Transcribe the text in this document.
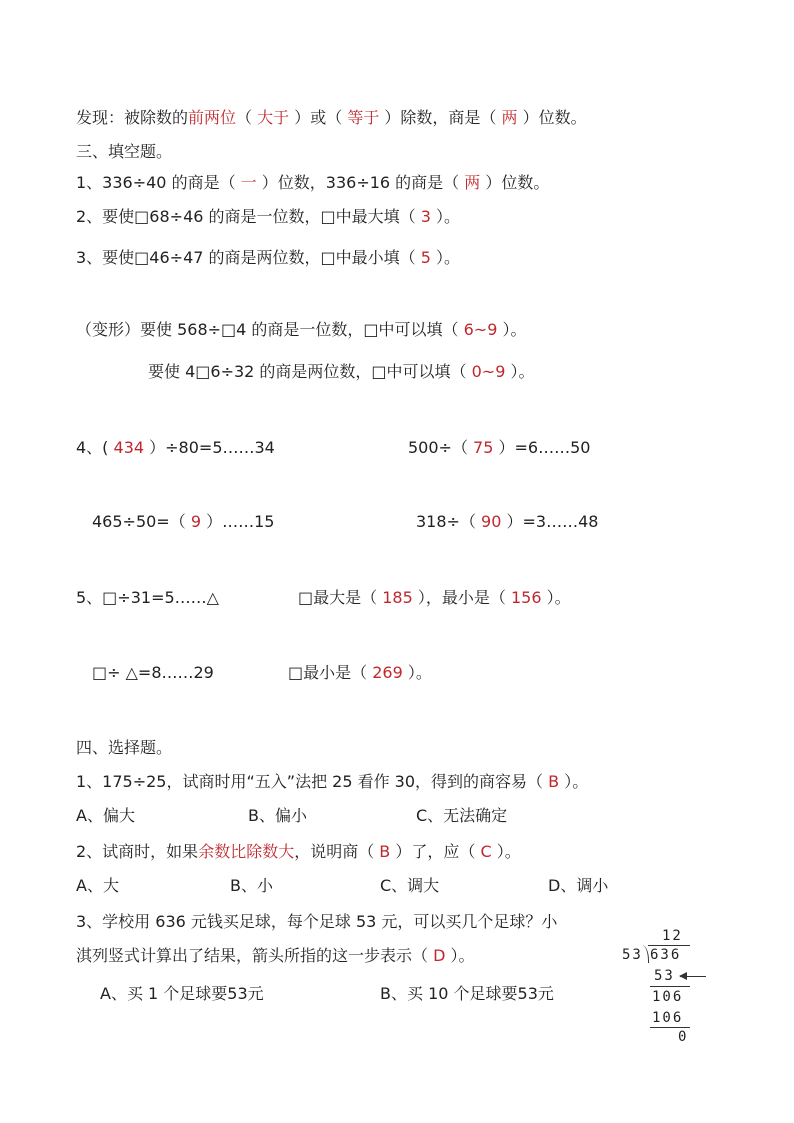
发现：被除数的前两位（ 大于 ）或（ 等于 ）除数，商是（ 两 ）位数。
三、填空题。
1、336÷40 的商是（ 一 ）位数，336÷16 的商是（ 两 ）位数。
2、要使□68÷46 的商是一位数，□中最大填（ 3 ）。
3、要使□46÷47 的商是两位数，□中最小填（ 5 ）。
（变形）要使 568÷□4 的商是一位数，□中可以填（ 6~9 ）。
要使 4□6÷32 的商是两位数，□中可以填（ 0~9 ）。
4、( 434 ）÷80=5……34	500÷（ 75 ）=6……50
465÷50=（ 9 ）……15	318÷（ 90 ）=3……48
5、□÷31=5……△	□最大是（ 185 ），最小是（ 156 ）。
□÷ △=8……29	□最小是（ 269 ）。
四、选择题。
1、175÷25，试商时用“五入”法把 25 看作 30，得到的商容易（ B ）。
A、偏大	B、偏小	C、无法确定
2、试商时，如果余数比除数大，说明商（ B ）了，应（ C ）。
A、大	B、小	C、调大	D、调小
3、学校用 636 元钱买足球，每个足球 53 元，可以买几个足球？小
淇列竖式计算出了结果，箭头所指的这一步表示（ D ）。
A、买 1 个足球要53元	B、买 10 个足球要53元
12
53 636
53
106
106
0
